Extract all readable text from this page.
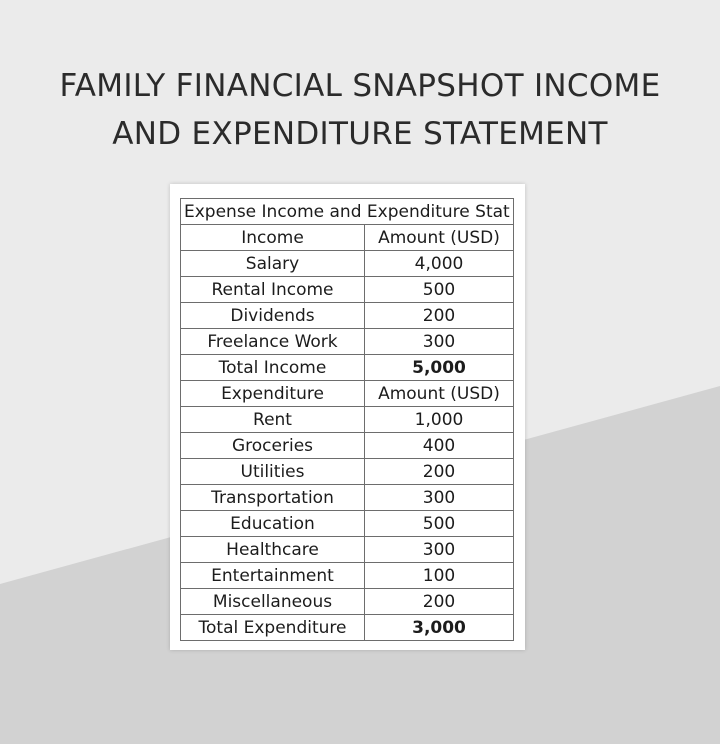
FAMILY FINANCIAL SNAPSHOT INCOME
AND EXPENDITURE STATEMENT
Expense Income and Expenditure Stat	
Income	Amount (USD)
Salary	4,000
Rental Income	500
Dividends	200
Freelance Work	300
Total Income	5,000
Expenditure	Amount (USD)
Rent	1,000
Groceries	400
Utilities	200
Transportation	300
Education	500
Healthcare	300
Entertainment	100
Miscellaneous	200
Total Expenditure	3,000
